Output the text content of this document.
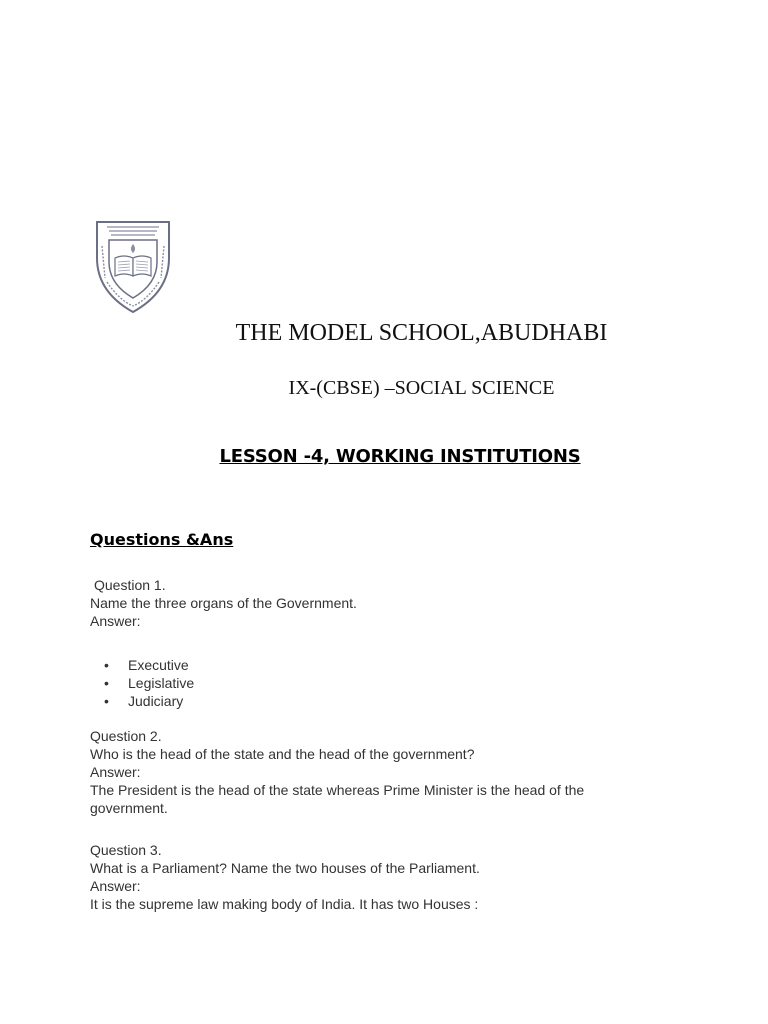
THE MODEL SCHOOL,ABUDHABI
IX-(CBSE) –SOCIAL SCIENCE
LESSON -4, WORKING INSTITUTIONS
Questions &Ans
Question 1.
Name the three organs of the Government.
Answer:
• Executive
• Legislative
• Judiciary
Question 2.
Who is the head of the state and the head of the government?
Answer:
The President is the head of the state whereas Prime Minister is the head of the government.
Question 3.
What is a Parliament? Name the two houses of the Parliament.
Answer:
It is the supreme law making body of India. It has two Houses :
